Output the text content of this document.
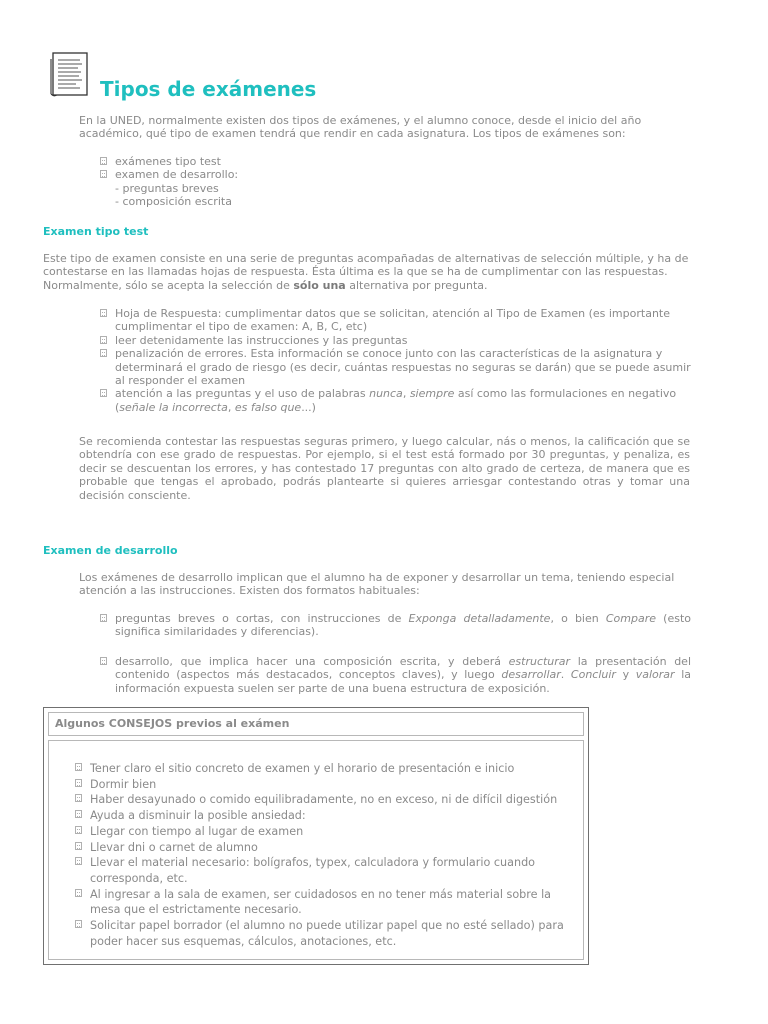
Tipos de exámenes

En la UNED, normalmente existen dos tipos de exámenes, y el alumno conoce, desde el inicio del año académico, qué tipo de examen tendrá que rendir en cada asignatura. Los tipos de exámenes son:

exámenes tipo test
examen de desarrollo:
- preguntas breves
- composición escrita
Examen tipo test

Este tipo de examen consiste en una serie de preguntas acompañadas de alternativas de selección múltiple, y ha de contestarse en las llamadas hojas de respuesta. Ésta última es la que se ha de cumplimentar con las respuestas. Normalmente, sólo se acepta la selección de sólo una alternativa por pregunta.

Hoja de Respuesta: cumplimentar datos que se solicitan, atención al Tipo de Examen (es importante cumplimentar el tipo de examen: A, B, C, etc)
leer detenidamente las instrucciones y las preguntas
penalización de errores. Esta información se conoce junto con las características de la asignatura y determinará el grado de riesgo (es decir, cuántas respuestas no seguras se darán) que se puede asumir al responder el examen
atención a las preguntas y el uso de palabras nunca, siempre así como las formulaciones en negativo (señale la incorrecta, es falso que...)

Se recomienda contestar las respuestas seguras primero, y luego calcular, nás o menos, la calificación que se obtendría con ese grado de respuestas. Por ejemplo, si el test está formado por 30 preguntas, y penaliza, es decir se descuentan los errores, y has contestado 17 preguntas con alto grado de certeza, de manera que es probable que tengas el aprobado, podrás plantearte si quieres arriesgar contestando otras y tomar una decisión consciente.

Examen de desarrollo

Los exámenes de desarrollo implican que el alumno ha de exponer y desarrollar un tema, teniendo especial atención a las instrucciones. Existen dos formatos habituales:

preguntas breves o cortas, con instrucciones de Exponga detalladamente, o bien Compare (esto significa similaridades y diferencias).
desarrollo, que implica hacer una composición escrita, y deberá estructurar la presentación del contenido (aspectos más destacados, conceptos claves), y luego desarrollar. Concluir y valorar la información expuesta suelen ser parte de una buena estructura de exposición.
Algunos CONSEJOS previos al exámen
Tener claro el sitio concreto de examen y el horario de presentación e inicio
Dormir bien
Haber desayunado o comido equilibradamente, no en exceso, ni de difícil digestión
Ayuda a disminuir la posible ansiedad:
Llegar con tiempo al lugar de examen
Llevar dni o carnet de alumno
Llevar el material necesario: bolígrafos, typex, calculadora y formulario cuando corresponda, etc.
Al ingresar a la sala de examen, ser cuidadosos en no tener más material sobre la mesa que el estrictamente necesario.
Solicitar papel borrador (el alumno no puede utilizar papel que no esté sellado) para poder hacer sus esquemas, cálculos, anotaciones, etc.
